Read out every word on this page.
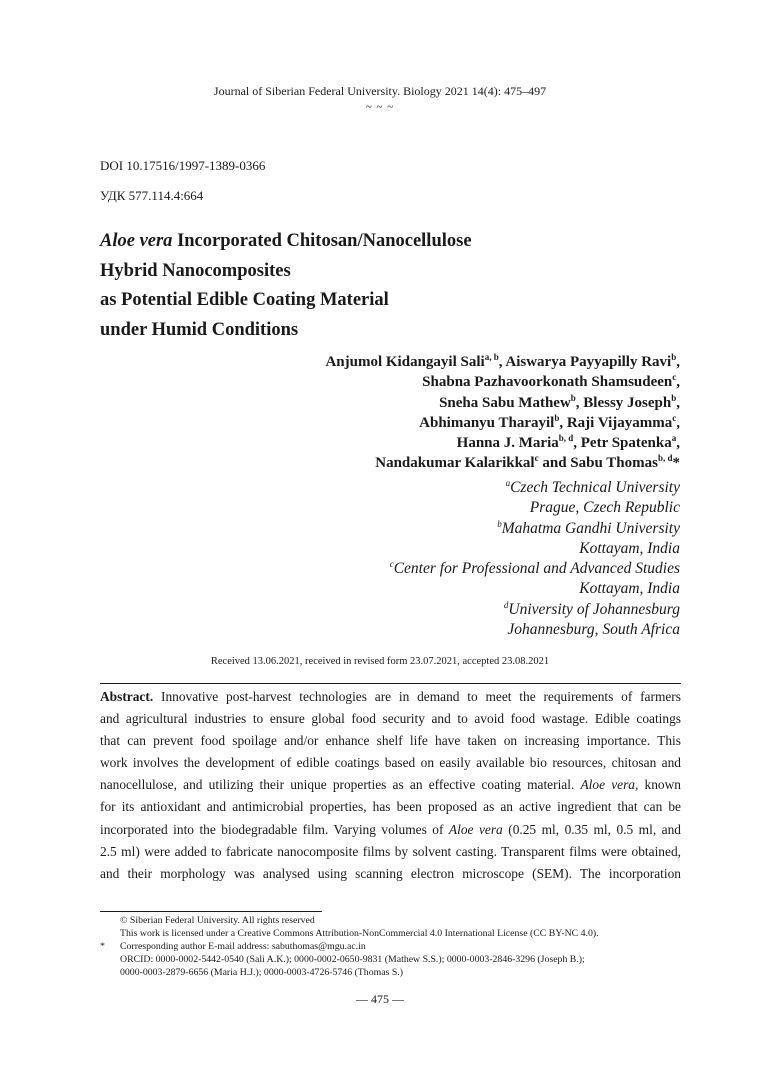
Journal of Siberian Federal University. Biology 2021 14(4): 475–497
~ ~ ~
DOI 10.17516/1997-1389-0366
УДК 577.114.4:664
Aloe vera Incorporated Chitosan/Nanocellulose
Hybrid Nanocomposites
as Potential Edible Coating Material
under Humid Conditions
Anjumol Kidangayil Sali$^{a, b}$, Aiswarya Payyapilly Ravi$^b$,
Shabna Pazhavoorkonath Shamsudeen$^c$,
Sneha Sabu Mathew$^b$, Blessy Joseph$^b$,
Abhimanyu Tharayil$^b$, Raji Vijayamma$^c$,
Hanna J. Maria$^{b, d}$, Petr Spatenka$^a$,
Nandakumar Kalarikkal$^c$ and Sabu Thomas$^{b, d}$*
$^a$Czech Technical University
Prague, Czech Republic
$^b$Mahatma Gandhi University
Kottayam, India
$^c$Center for Professional and Advanced Studies
Kottayam, India
$^d$University of Johannesburg
Johannesburg, South Africa
Received 13.06.2021, received in revised form 23.07.2021, accepted 23.08.2021
Abstract. Innovative post-harvest technologies are in demand to meet the requirements of farmers
and agricultural industries to ensure global food security and to avoid food wastage. Edible coatings
that can prevent food spoilage and/or enhance shelf life have taken on increasing importance. This
work involves the development of edible coatings based on easily available bio resources, chitosan and
nanocellulose, and utilizing their unique properties as an effective coating material. Aloe vera, known
for its antioxidant and antimicrobial properties, has been proposed as an active ingredient that can be
incorporated into the biodegradable film. Varying volumes of Aloe vera (0.25 ml, 0.35 ml, 0.5 ml, and
2.5 ml) were added to fabricate nanocomposite films by solvent casting. Transparent films were obtained,
and their morphology was analysed using scanning electron microscope (SEM). The incorporation
© Siberian Federal University. All rights reserved
This work is licensed under a Creative Commons Attribution-NonCommercial 4.0 International License (CC BY-NC 4.0).
* Corresponding author E-mail address: sabuthomas@mgu.ac.in
ORCID: 0000-0002-5442-0540 (Sali A.K.); 0000-0002-0650-9831 (Mathew S.S.); 0000-0003-2846-3296 (Joseph B.);
0000-0003-2879-6656 (Maria H.J.); 0000-0003-4726-5746 (Thomas S.)
— 475 —
